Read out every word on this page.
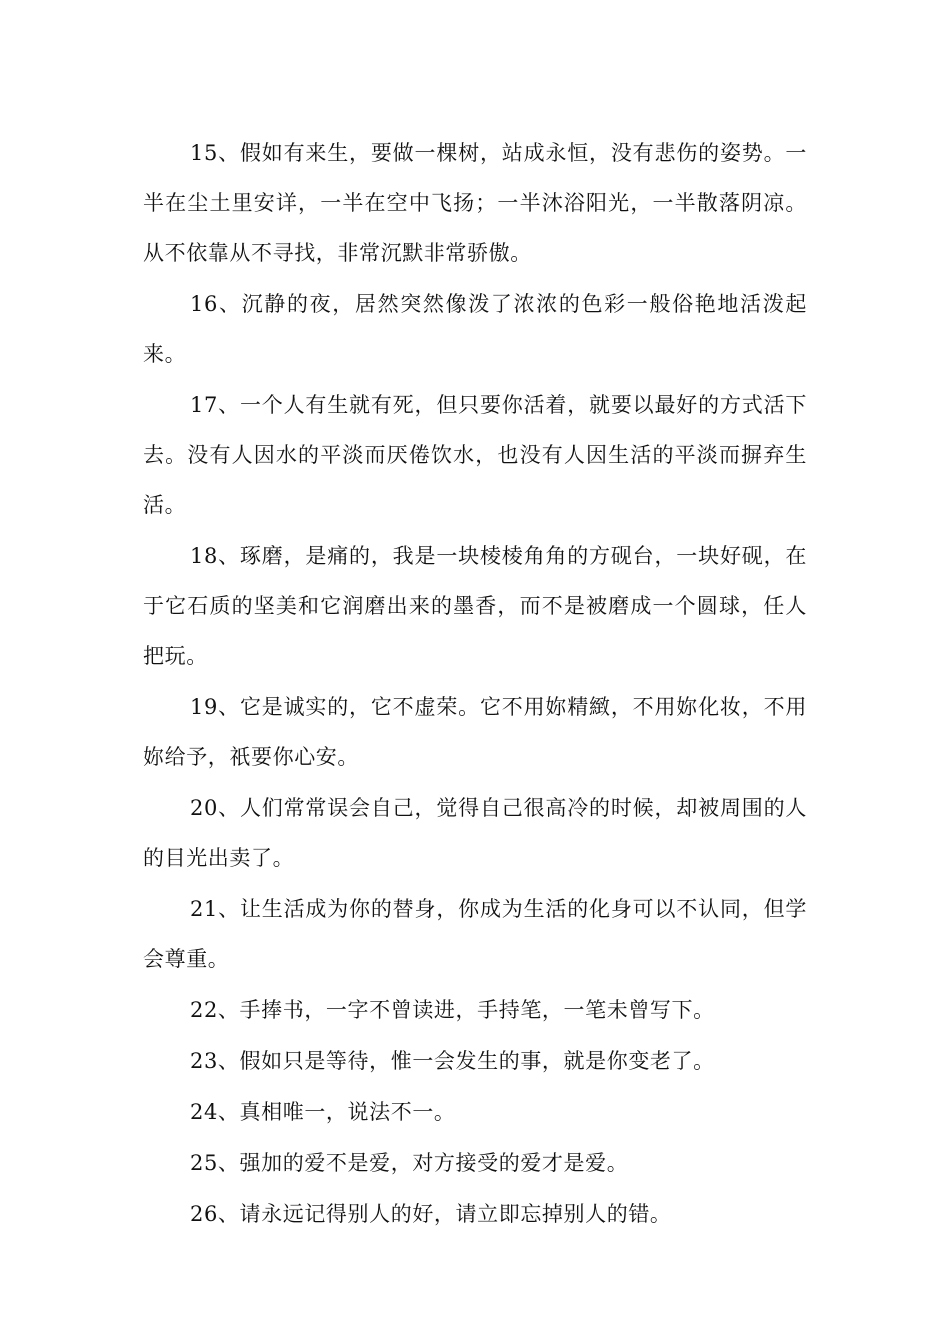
15、假如有来生，要做一棵树，站成永恒，没有悲伤的姿势。一半在尘土里安详，一半在空中飞扬；一半沐浴阳光，一半散落阴凉。从不依靠从不寻找，非常沉默非常骄傲。

16、沉静的夜，居然突然像泼了浓浓的色彩一般俗艳地活泼起来。

17、一个人有生就有死，但只要你活着，就要以最好的方式活下去。没有人因水的平淡而厌倦饮水，也没有人因生活的平淡而摒弃生活。

18、琢磨，是痛的，我是一块棱棱角角的方砚台，一块好砚，在于它石质的坚美和它润磨出来的墨香，而不是被磨成一个圆球，任人把玩。

19、它是诚实的，它不虚荣。它不用妳精緻，不用妳化妆，不用妳给予，祇要你心安。

20、人们常常误会自己，觉得自己很高冷的时候，却被周围的人的目光出卖了。

21、让生活成为你的替身，你成为生活的化身可以不认同，但学会尊重。

22、手捧书，一字不曾读进，手持笔，一笔未曾写下。

23、假如只是等待，惟一会发生的事，就是你变老了。

24、真相唯一，说法不一。

25、强加的爱不是爱，对方接受的爱才是爱。

26、请永远记得别人的好，请立即忘掉别人的错。
